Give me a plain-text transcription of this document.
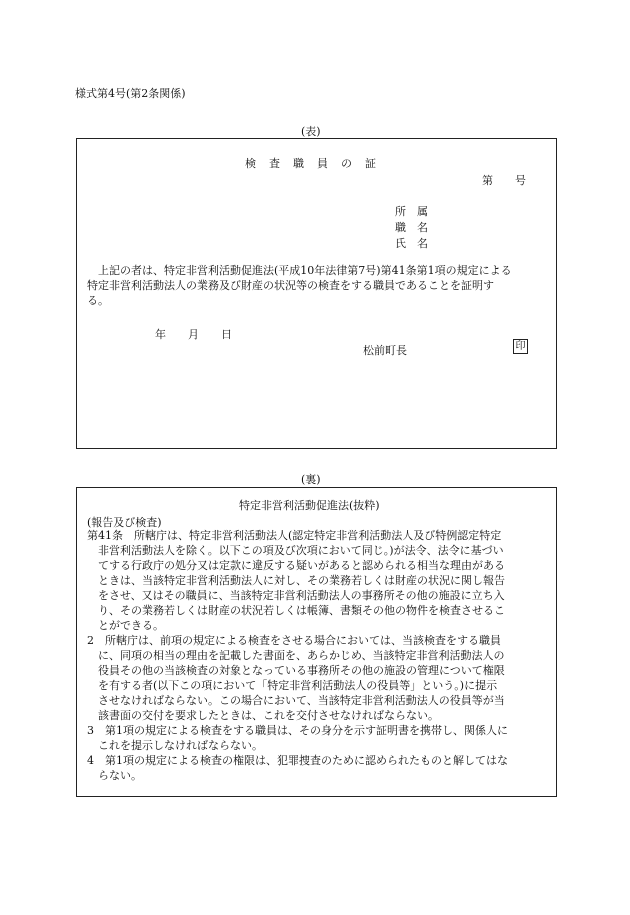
様式第4号(第2条関係)
(表)
検　査　職　員　の　証
第　　号
所　属
職　名
氏　名
　上記の者は、特定非営利活動促進法(平成10年法律第7号)第41条第1項の規定による
特定非営利活動法人の業務及び財産の状況等の検査をする職員であることを証明す
る。
年　　月　　日
松前町長	印
(裏)
特定非営利活動促進法(抜粋)
(報告及び検査)
第41条　所轄庁は、特定非営利活動法人(認定特定非営利活動法人及び特例認定特定
　非営利活動法人を除く。以下この項及び次項において同じ。)が法令、法令に基づい
　てする行政庁の処分又は定款に違反する疑いがあると認められる相当な理由がある
　ときは、当該特定非営利活動法人に対し、その業務若しくは財産の状況に関し報告
　をさせ、又はその職員に、当該特定非営利活動法人の事務所その他の施設に立ち入
　り、その業務若しくは財産の状況若しくは帳簿、書類その他の物件を検査させるこ
　とができる。
2　所轄庁は、前項の規定による検査をさせる場合においては、当該検査をする職員
　に、同項の相当の理由を記載した書面を、あらかじめ、当該特定非営利活動法人の
　役員その他の当該検査の対象となっている事務所その他の施設の管理について権限
　を有する者(以下この項において「特定非営利活動法人の役員等」という。)に提示
　させなければならない。この場合において、当該特定非営利活動法人の役員等が当
　該書面の交付を要求したときは、これを交付させなければならない。
3　第1項の規定による検査をする職員は、その身分を示す証明書を携帯し、関係人に
　これを提示しなければならない。
4　第1項の規定による検査の権限は、犯罪捜査のために認められたものと解してはな
　らない。
